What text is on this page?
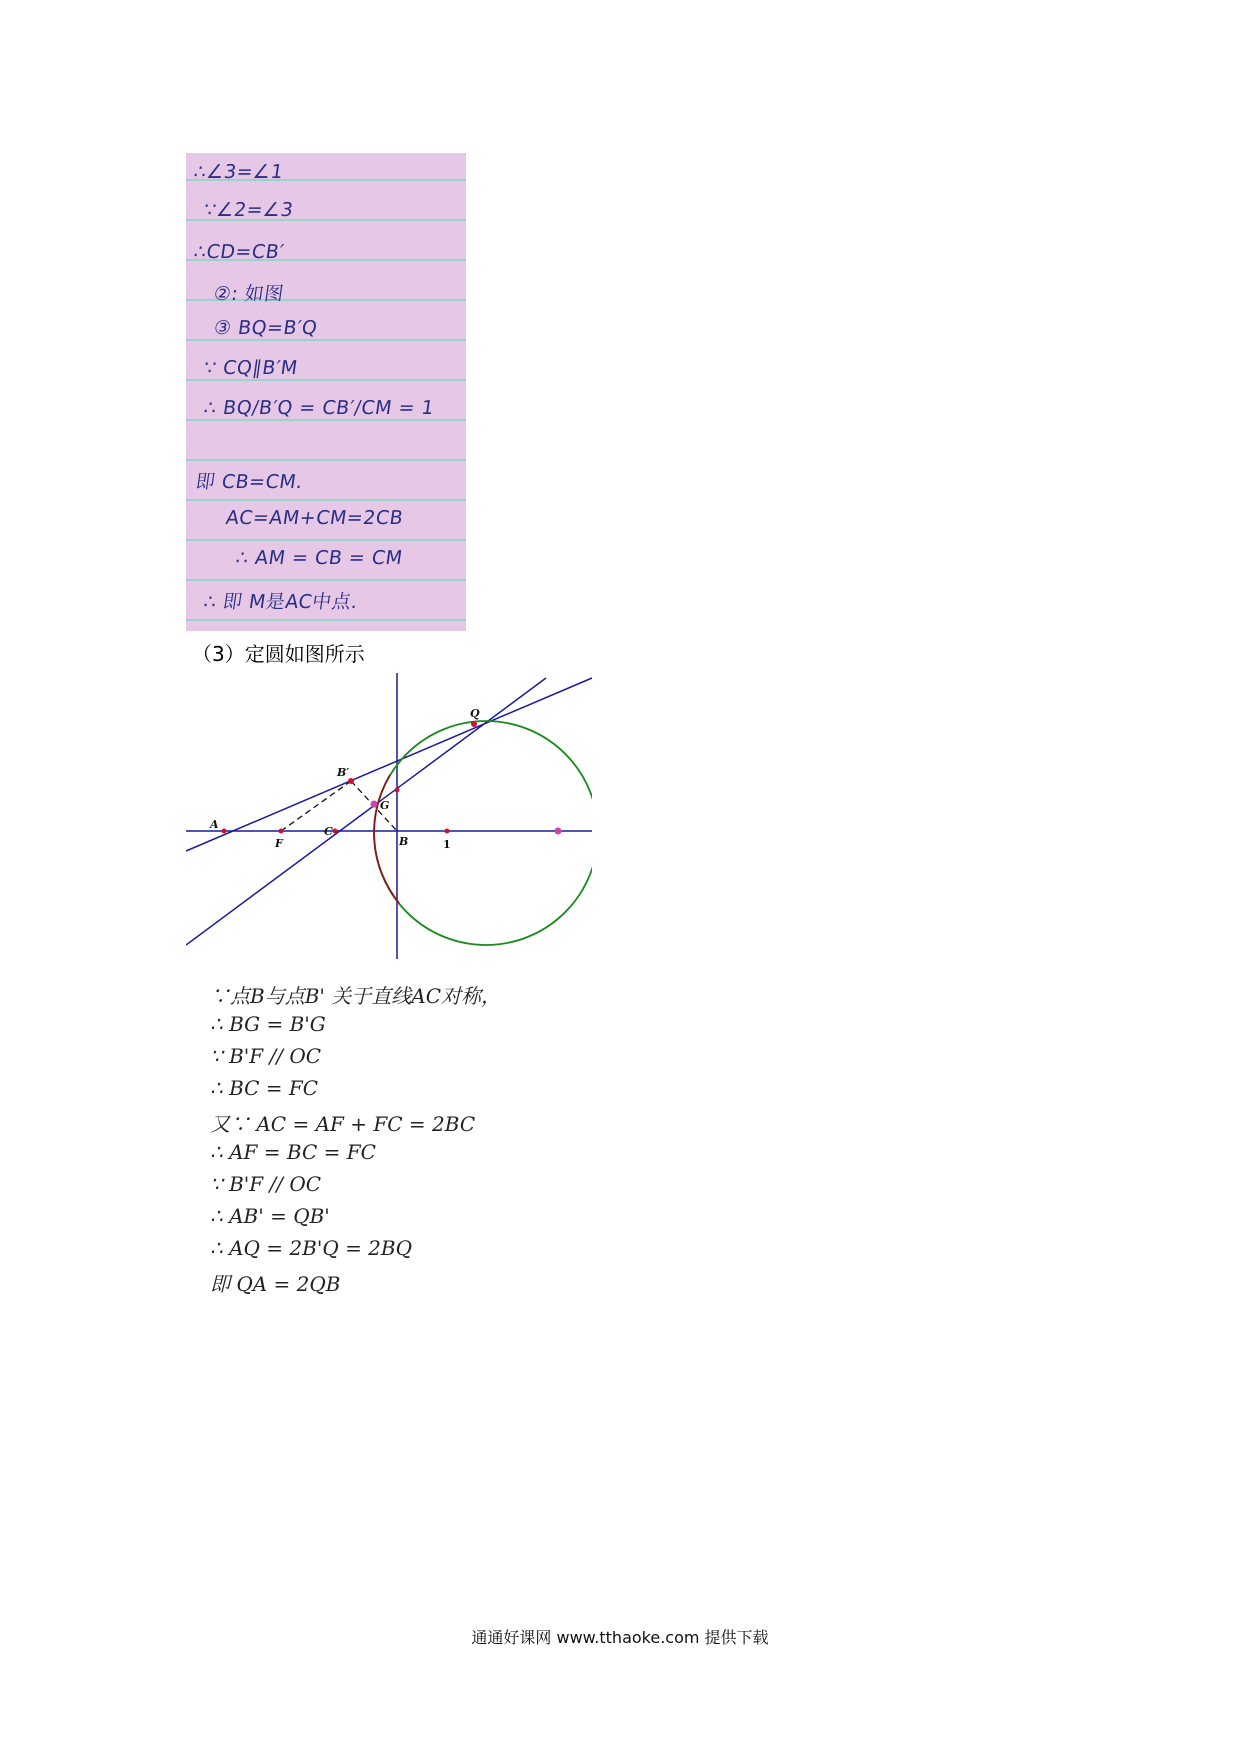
∴∠3=∠1
∵∠2=∠3
∴CD=CB′
②: 如图
③ BQ=B′Q
∵ CQ∥B′M
∴ BQ/B′Q = CB′/CM = 1
即 CB=CM.
AC=AM+CM=2CB
∴ AM = CB = CM
∴ 即 M是AC中点.
（3）定圆如图所示
Q
B′
G
A
F
C
B	1
∵点B与点B' 关于直线AC对称，
∴ BG = B'G
∵ B'F // OC
∴ BC = FC
又∵ AC = AF + FC = 2BC
∴ AF = BC = FC
∵ B'F // OC
∴ AB' = QB'
∴ AQ = 2B'Q = 2BQ
即 QA = 2QB
通通好课网 www.tthaoke.com 提供下载
